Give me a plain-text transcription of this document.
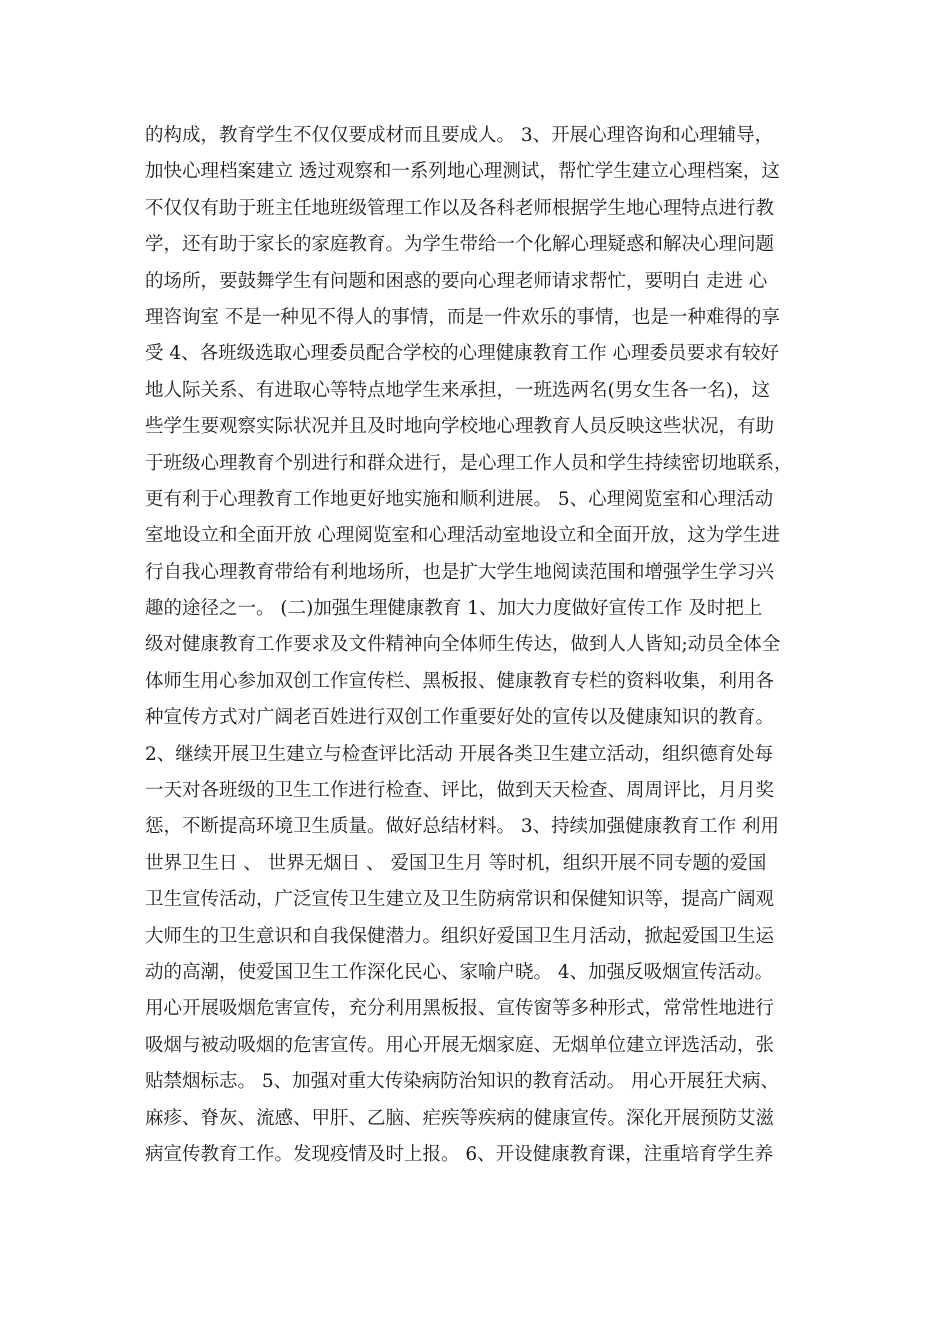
的构成，教育学生不仅仅要成材而且要成人。 3、开展心理咨询和心理辅导，
加快心理档案建立 透过观察和一系列地心理测试，帮忙学生建立心理档案，这
不仅仅有助于班主任地班级管理工作以及各科老师根据学生地心理特点进行教
学，还有助于家长的家庭教育。为学生带给一个化解心理疑惑和解决心理问题
的场所，要鼓舞学生有问题和困惑的要向心理老师请求帮忙，要明白 走进 心
理咨询室 不是一种见不得人的事情，而是一件欢乐的事情，也是一种难得的享
受 4、各班级选取心理委员配合学校的心理健康教育工作 心理委员要求有较好
地人际关系、有进取心等特点地学生来承担，一班选两名(男女生各一名)，这
些学生要观察实际状况并且及时地向学校地心理教育人员反映这些状况，有助
于班级心理教育个别进行和群众进行，是心理工作人员和学生持续密切地联系，
更有利于心理教育工作地更好地实施和顺利进展。 5、心理阅览室和心理活动
室地设立和全面开放 心理阅览室和心理活动室地设立和全面开放，这为学生进
行自我心理教育带给有利地场所，也是扩大学生地阅读范围和增强学生学习兴
趣的途径之一。 (二)加强生理健康教育 1、加大力度做好宣传工作 及时把上
级对健康教育工作要求及文件精神向全体师生传达，做到人人皆知;动员全体全
体师生用心参加双创工作宣传栏、黑板报、健康教育专栏的资料收集，利用各
种宣传方式对广阔老百姓进行双创工作重要好处的宣传以及健康知识的教育。
2、继续开展卫生建立与检查评比活动 开展各类卫生建立活动，组织德育处每
一天对各班级的卫生工作进行检查、评比，做到天天检查、周周评比，月月奖
惩，不断提高环境卫生质量。做好总结材料。 3、持续加强健康教育工作 利用
世界卫生日 、 世界无烟日 、 爱国卫生月 等时机，组织开展不同专题的爱国
卫生宣传活动，广泛宣传卫生建立及卫生防病常识和保健知识等，提高广阔观
大师生的卫生意识和自我保健潜力。组织好爱国卫生月活动，掀起爱国卫生运
动的高潮，使爱国卫生工作深化民心、家喻户晓。 4、加强反吸烟宣传活动。
用心开展吸烟危害宣传，充分利用黑板报、宣传窗等多种形式，常常性地进行
吸烟与被动吸烟的危害宣传。用心开展无烟家庭、无烟单位建立评选活动，张
贴禁烟标志。 5、加强对重大传染病防治知识的教育活动。 用心开展狂犬病、
麻疹、脊灰、流感、甲肝、乙脑、疟疾等疾病的健康宣传。深化开展预防艾滋
病宣传教育工作。发现疫情及时上报。 6、开设健康教育课，注重培育学生养
